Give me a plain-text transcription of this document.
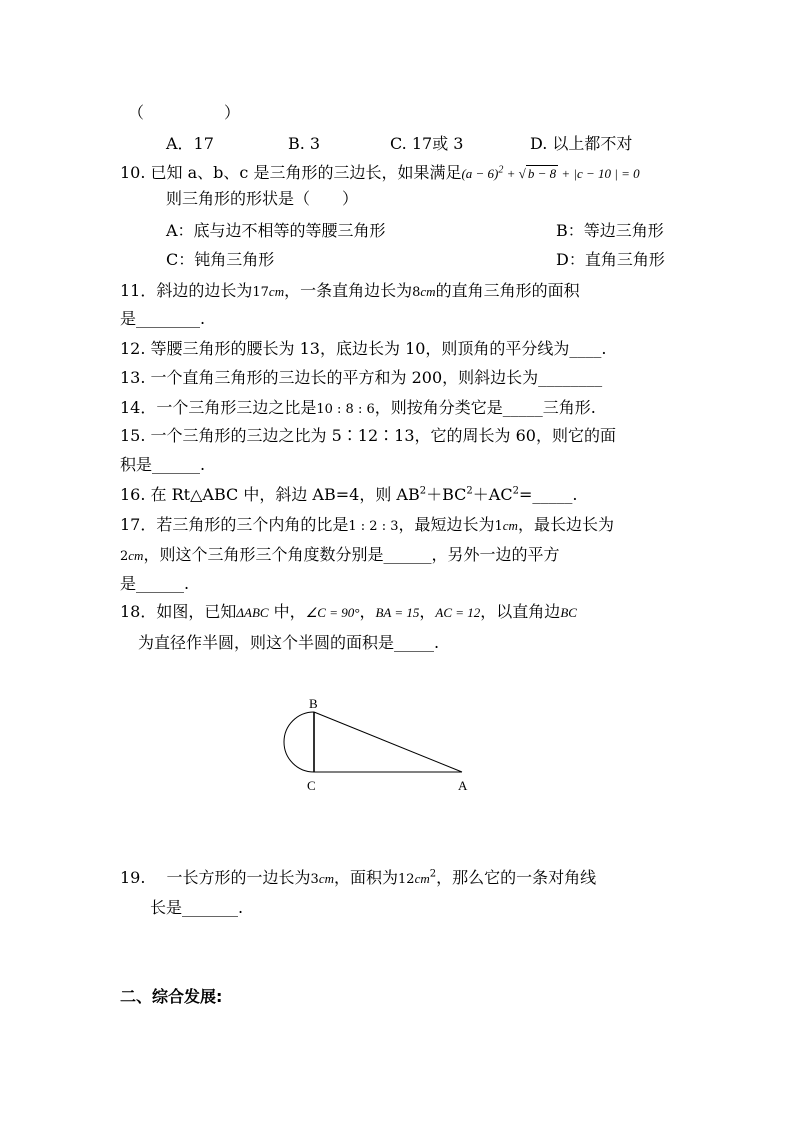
（　　　　　）
A．17	B. 3	C. 17或 3	D. 以上都不对
10. 已知 a、b、c 是三角形的三边长，如果满足$(a - 6)^2$ + √ b − 8 + |c − 10 | = 0
则三角形的形状是（　　）
A：底与边不相等的等腰三角形	B：等边三角形
C：钝角三角形	D：直角三角形
11．斜边的边长为17cm，一条直角边长为8cm的直角三角形的面积
是________.
12. 等腰三角形的腰长为 13，底边长为 10，则顶角的平分线为____.
13. 一个直角三角形的三边长的平方和为 200，则斜边长为________
14．一个三角形三边之比是10 : 8 : 6，则按角分类它是_____三角形.
15. 一个三角形的三边之比为 5∶12∶13，它的周长为 60，则它的面
积是______.
16. 在 Rt△ABC 中，斜边 AB=4，则 $AB^2+BC^2+AC^2=\_\_\_\_\_$.
17．若三角形的三个内角的比是1 : 2 : 3，最短边长为1cm，最长边长为
2cm，则这个三角形三个角度数分别是______，另外一边的平方
是______.
18．如图，已知ΔABC 中，∠C = 90°，BA = 15，AC = 12，以直角边BC
为直径作半圆，则这个半圆的面积是_____.
B
C	A
19.　 一长方形的一边长为3cm，面积为$12cm^2$，那么它的一条对角线
长是_______.
二、综合发展:
